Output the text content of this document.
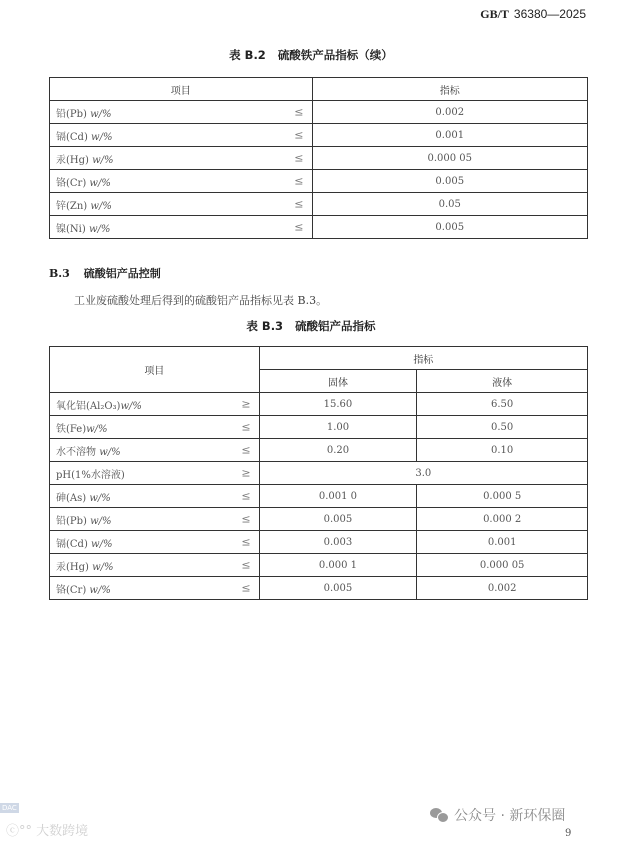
GB/T 36380—2025
表 B.2 硫酸铁产品指标（续）
项目	指标
铅(Pb) w/% ≤	0.002
镉(Cd) w/% ≤	0.001
汞(Hg) w/% ≤	0.000 05
铬(Cr) w/% ≤	0.005
锌(Zn) w/% ≤	0.05
镍(Ni) w/% ≤	0.005
B.3 硫酸铝产品控制
工业废硫酸处理后得到的硫酸铝产品指标见表 B.3。
表 B.3 硫酸铝产品指标
项目	指标	
	固体	液体
氧化铝(Al₂O₃)w/% ≥	15.60	6.50
铁(Fe)w/% ≤	1.00	0.50
水不溶物 w/% ≤	0.20	0.10
pH(1%水溶液) ≥	3.0	
砷(As) w/% ≤	0.001 0	0.000 5
铅(Pb) w/% ≤	0.005	0.000 2
镉(Cd) w/% ≤	0.003	0.001
汞(Hg) w/% ≤	0.000 1	0.000 05
铬(Cr) w/% ≤	0.005	0.002
DAC
ⓒ°° 大数跨境
公众号 · 新环保圈
9
